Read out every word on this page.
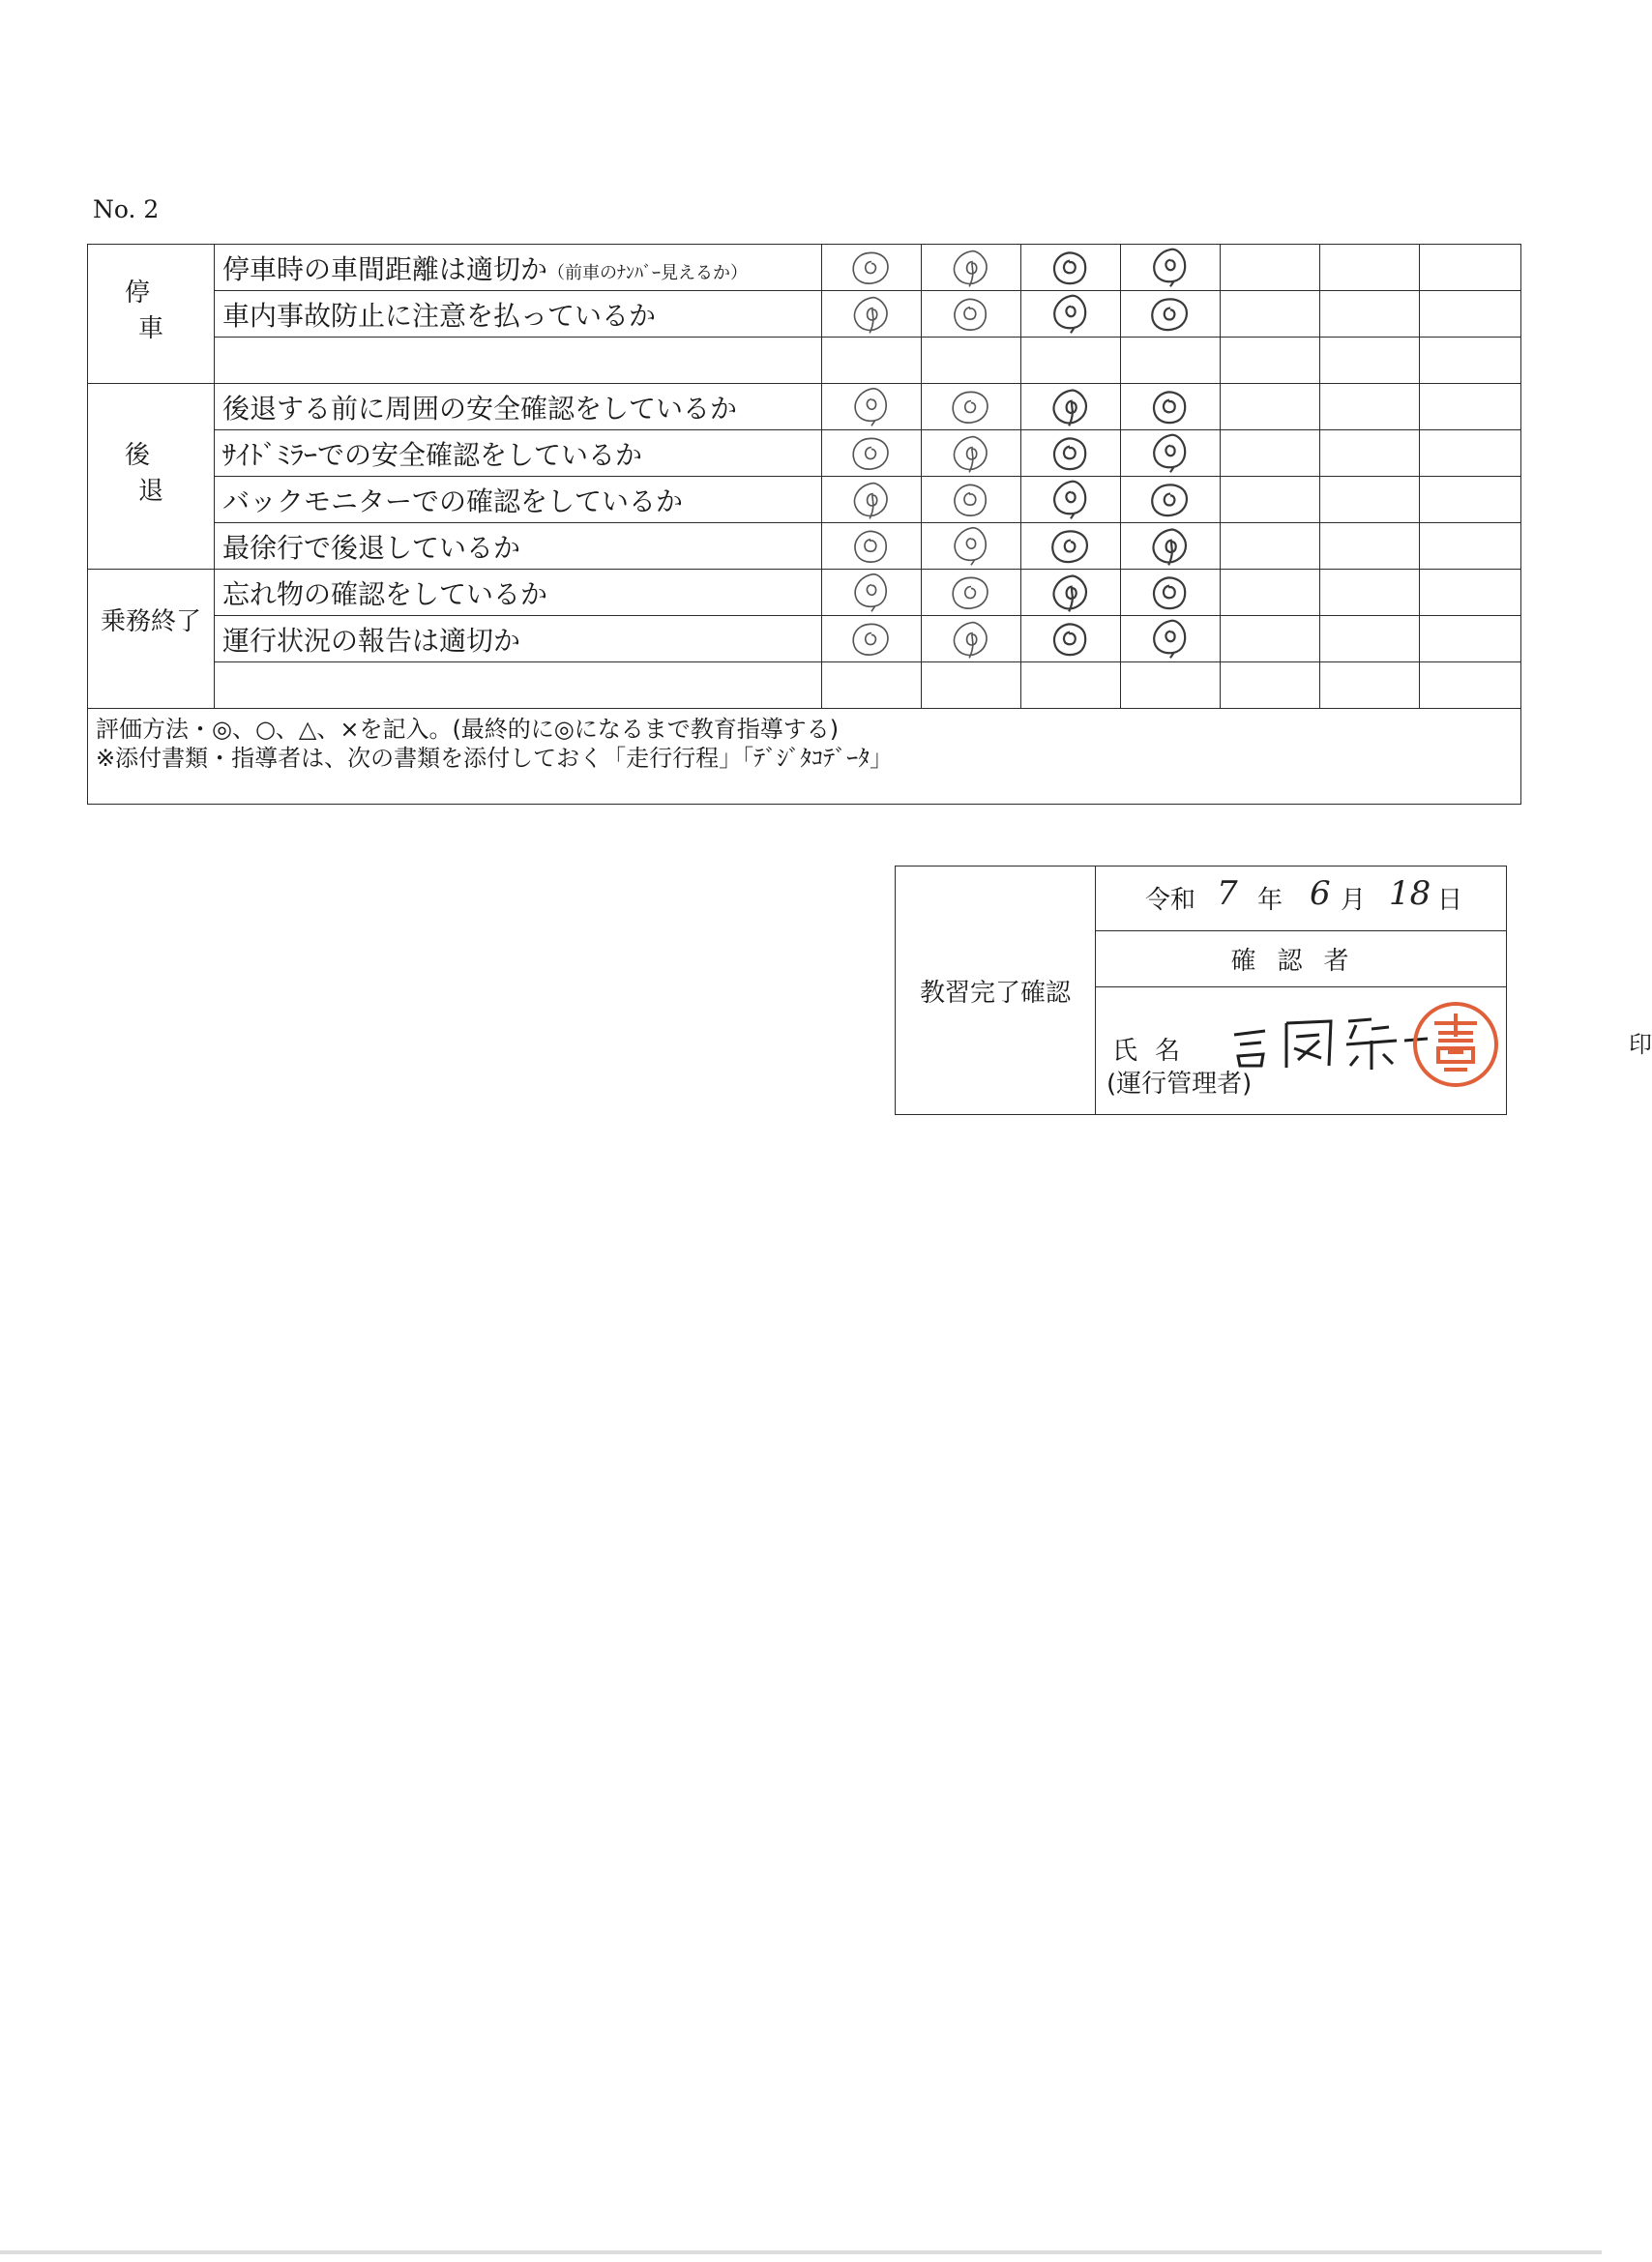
No. 2
停 車	停車時の車間距離は適切か（前車のﾅﾝﾊﾞｰ見えるか）	

	車内事故防止に注意を払っているか	

後 退	後退する前に周囲の安全確認をしているか	

	ｻｲﾄﾞﾐﾗｰでの安全確認をしているか	

	バックモニターでの確認をしているか	

	最徐行で後退しているか	

乗務終了	忘れ物の確認をしているか	

	運行状況の報告は適切か	

評価方法・◎、○、△、×を記入。(最終的に◎になるまで教育指導する)
※添付書類・指導者は、次の書類を添付しておく「走行行程」「ﾃﾞｼﾞﾀｺﾃﾞｰﾀ」								
教習完了確認
令和 7 年 6 月 18 日
確認者
氏名	印
(運行管理者)
